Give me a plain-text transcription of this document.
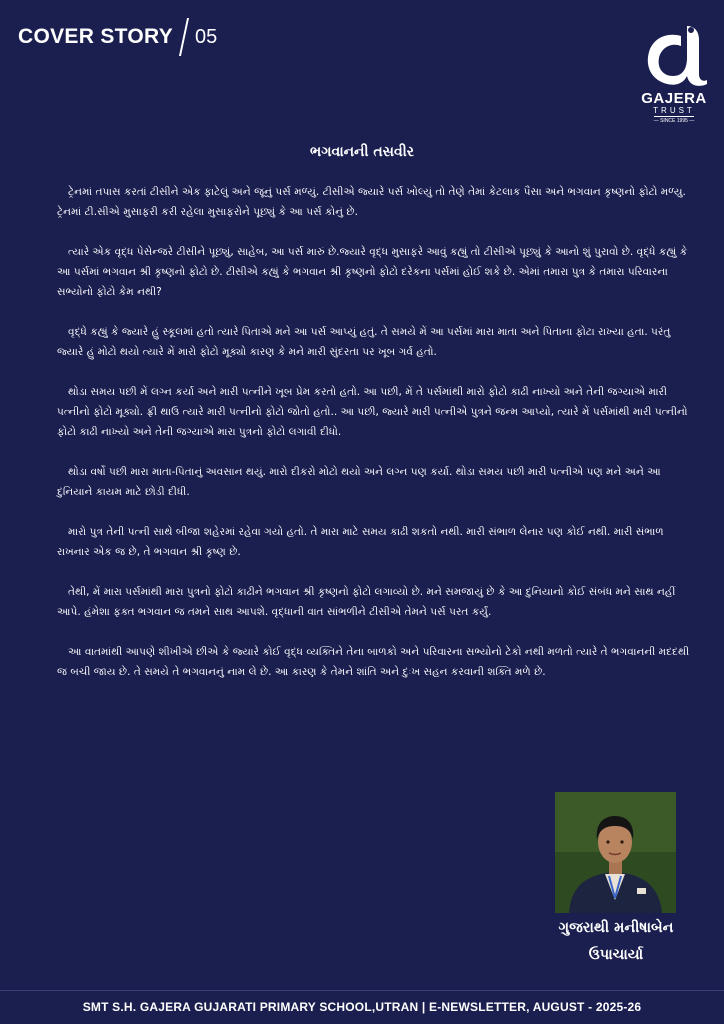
COVER STORY 05
GAJERA
TRUST
— SINCE 1995 —
ભગવાનની તસવીર

ટ્રેનમાં તપાસ કરતાં ટીસીને એક ફાટેલું અને જૂનું પર્સ મળ્યું. ટીસીએ જ્યારે પર્સ ખોલ્યું તો તેણે તેમાં કેટલાક પૈસા અને ભગવાન કૃષ્ણનો ફોટો મળ્યુ. ટ્રેનમાં ટી.સીએ મુસાફરી કરી રહેલા મુસાફરોને પૂછ્યું કે આ પર્સ કોનું છે.

ત્યારે એક વૃદ્ધ પેસેન્જરે ટીસીને પૂછ્યું, સાહેબ, આ પર્સ મારું છે.જ્યારે વૃદ્ધ મુસાફરે આવું કહ્યું તો ટીસીએ પૂછ્યું કે આનો શું પુરાવો છે. વૃદ્ધે કહ્યું કે આ પર્સમાં ભગવાન શ્રી કૃષ્ણનો ફોટો છે. ટીસીએ કહ્યું કે ભગવાન શ્રી કૃષ્ણનો ફોટો દરેકના પર્સમાં હોઈ શકે છે. એમાં તમારા પુત્ર કે તમારા પરિવારના સભ્યોનો ફોટો કેમ નથી?

વૃદ્ધે કહ્યું કે જ્યારે હું સ્કૂલમાં હતો ત્યારે પિતાએ મને આ પર્સ આપ્યું હતું. તે સમયે મેં આ પર્સમાં મારા માતા અને પિતાના ફોટા રાખ્યા હતા. પરંતુ જ્યારે હું મોટો થયો ત્યારે મેં મારો ફોટો મૂક્યો કારણ કે મને મારી સુંદરતા પર ખૂબ ગર્વ હતો.

થોડા સમય પછી મેં લગ્ન કર્યા અને મારી પત્નીને ખૂબ પ્રેમ કરતો હતો. આ પછી, મેં તે પર્સમાંથી મારો ફોટો કાઢી નાખ્યો અને તેની જગ્યાએ મારી પત્નીનો ફોટો મૂક્યો. ફ્રી થાઉ ત્યારે મારી પત્નીનો ફોટો જોતો હતો.. આ પછી, જ્યારે મારી પત્નીએ પુત્રને જન્મ આપ્યો, ત્યારે મેં પર્સમાંથી મારી પત્નીનો ફોટો કાઢી નાખ્યો અને તેની જગ્યાએ મારા પુત્રનો ફોટો લગાવી દીધો.

થોડા વર્ષો પછી મારા માતા-પિતાનું અવસાન થયું. મારો દીકરો મોટો થયો અને લગ્ન પણ કર્યા. થોડા સમય પછી મારી પત્નીએ પણ મને અને આ દુનિયાને કાયમ માટે છોડી દીધી.

મારો પુત્ર તેની પત્ની સાથે બીજા શહેરમાં રહેવા ગયો હતો. તે મારા માટે સમય કાઢી શકતો નથી. મારી સંભાળ લેનાર પણ કોઈ નથી. મારી સંભાળ રાખનાર એક જ છે, તે ભગવાન શ્રી કૃષ્ણ છે.

તેથી, મેં મારા પર્સમાંથી મારા પુત્રનો ફોટો કાઢીને ભગવાન શ્રી કૃષ્ણનો ફોટો લગાવ્યો છે. મને સમજાયું છે કે આ દુનિયાનો કોઈ સંબંધ મને સાથ નહીં આપે. હંમેશા ફક્ત ભગવાન જ તમને સાથ આપશે. વૃદ્ધાની વાત સાંભળીને ટીસીએ તેમને પર્સ પરત કર્યું.

આ વાતમાંથી આપણે શીખીએ છીએ કે જ્યારે કોઈ વૃદ્ધ વ્યક્તિને તેના બાળકો અને પરિવારના સભ્યોનો ટેકો નથી મળતો ત્યારે તે ભગવાનની મદદથી જ બચી જાય છે. તે સમયે તે ભગવાનનું નામ લે છે. આ કારણ કે તેમને શાંતિ અને દુઃખ સહન કરવાની શક્તિ મળે છે.

ગુજરાથી મનીષાબેન
ઉપાચાર્યા
SMT S.H. GAJERA GUJARATI PRIMARY SCHOOL,UTRAN | E-NEWSLETTER, AUGUST - 2025-26
